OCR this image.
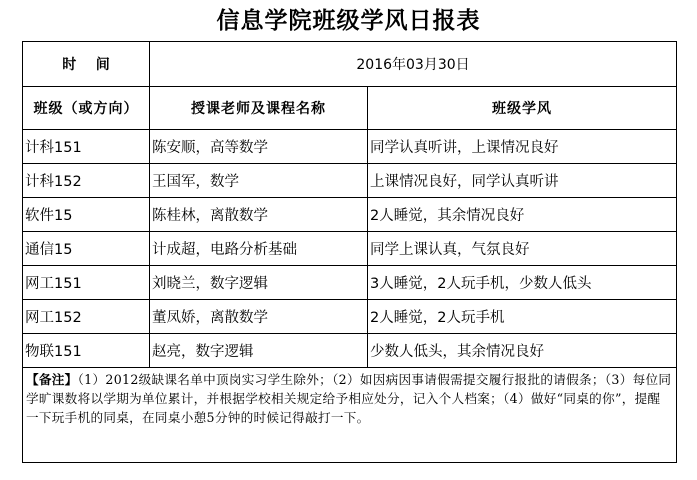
信息学院班级学风日报表
时    间	2016年03月30日	
班级（或方向）	授课老师及课程名称	班级学风
计科151	陈安顺，高等数学	同学认真听讲，上课情况良好
计科152	王国军，数学	上课情况良好，同学认真听讲
软件15	陈桂林，离散数学	2人睡觉，其余情况良好
通信15	计成超，电路分析基础	同学上课认真，气氛良好
网工151	刘晓兰，数字逻辑	3人睡觉，2人玩手机，少数人低头
网工152	董凤娇，离散数学	2人睡觉，2人玩手机
物联151	赵亮，数字逻辑	少数人低头，其余情况良好
【备注】（1）2012级缺课名单中顶岗实习学生除外；（2）如因病因事请假需提交履行报批的请假条；（3）每位同学旷课数将以学期为单位累计，并根据学校相关规定给予相应处分，记入个人档案；（4）做好“同桌的你”，提醒一下玩手机的同桌，在同桌小憩5分钟的时候记得敲打一下。		
